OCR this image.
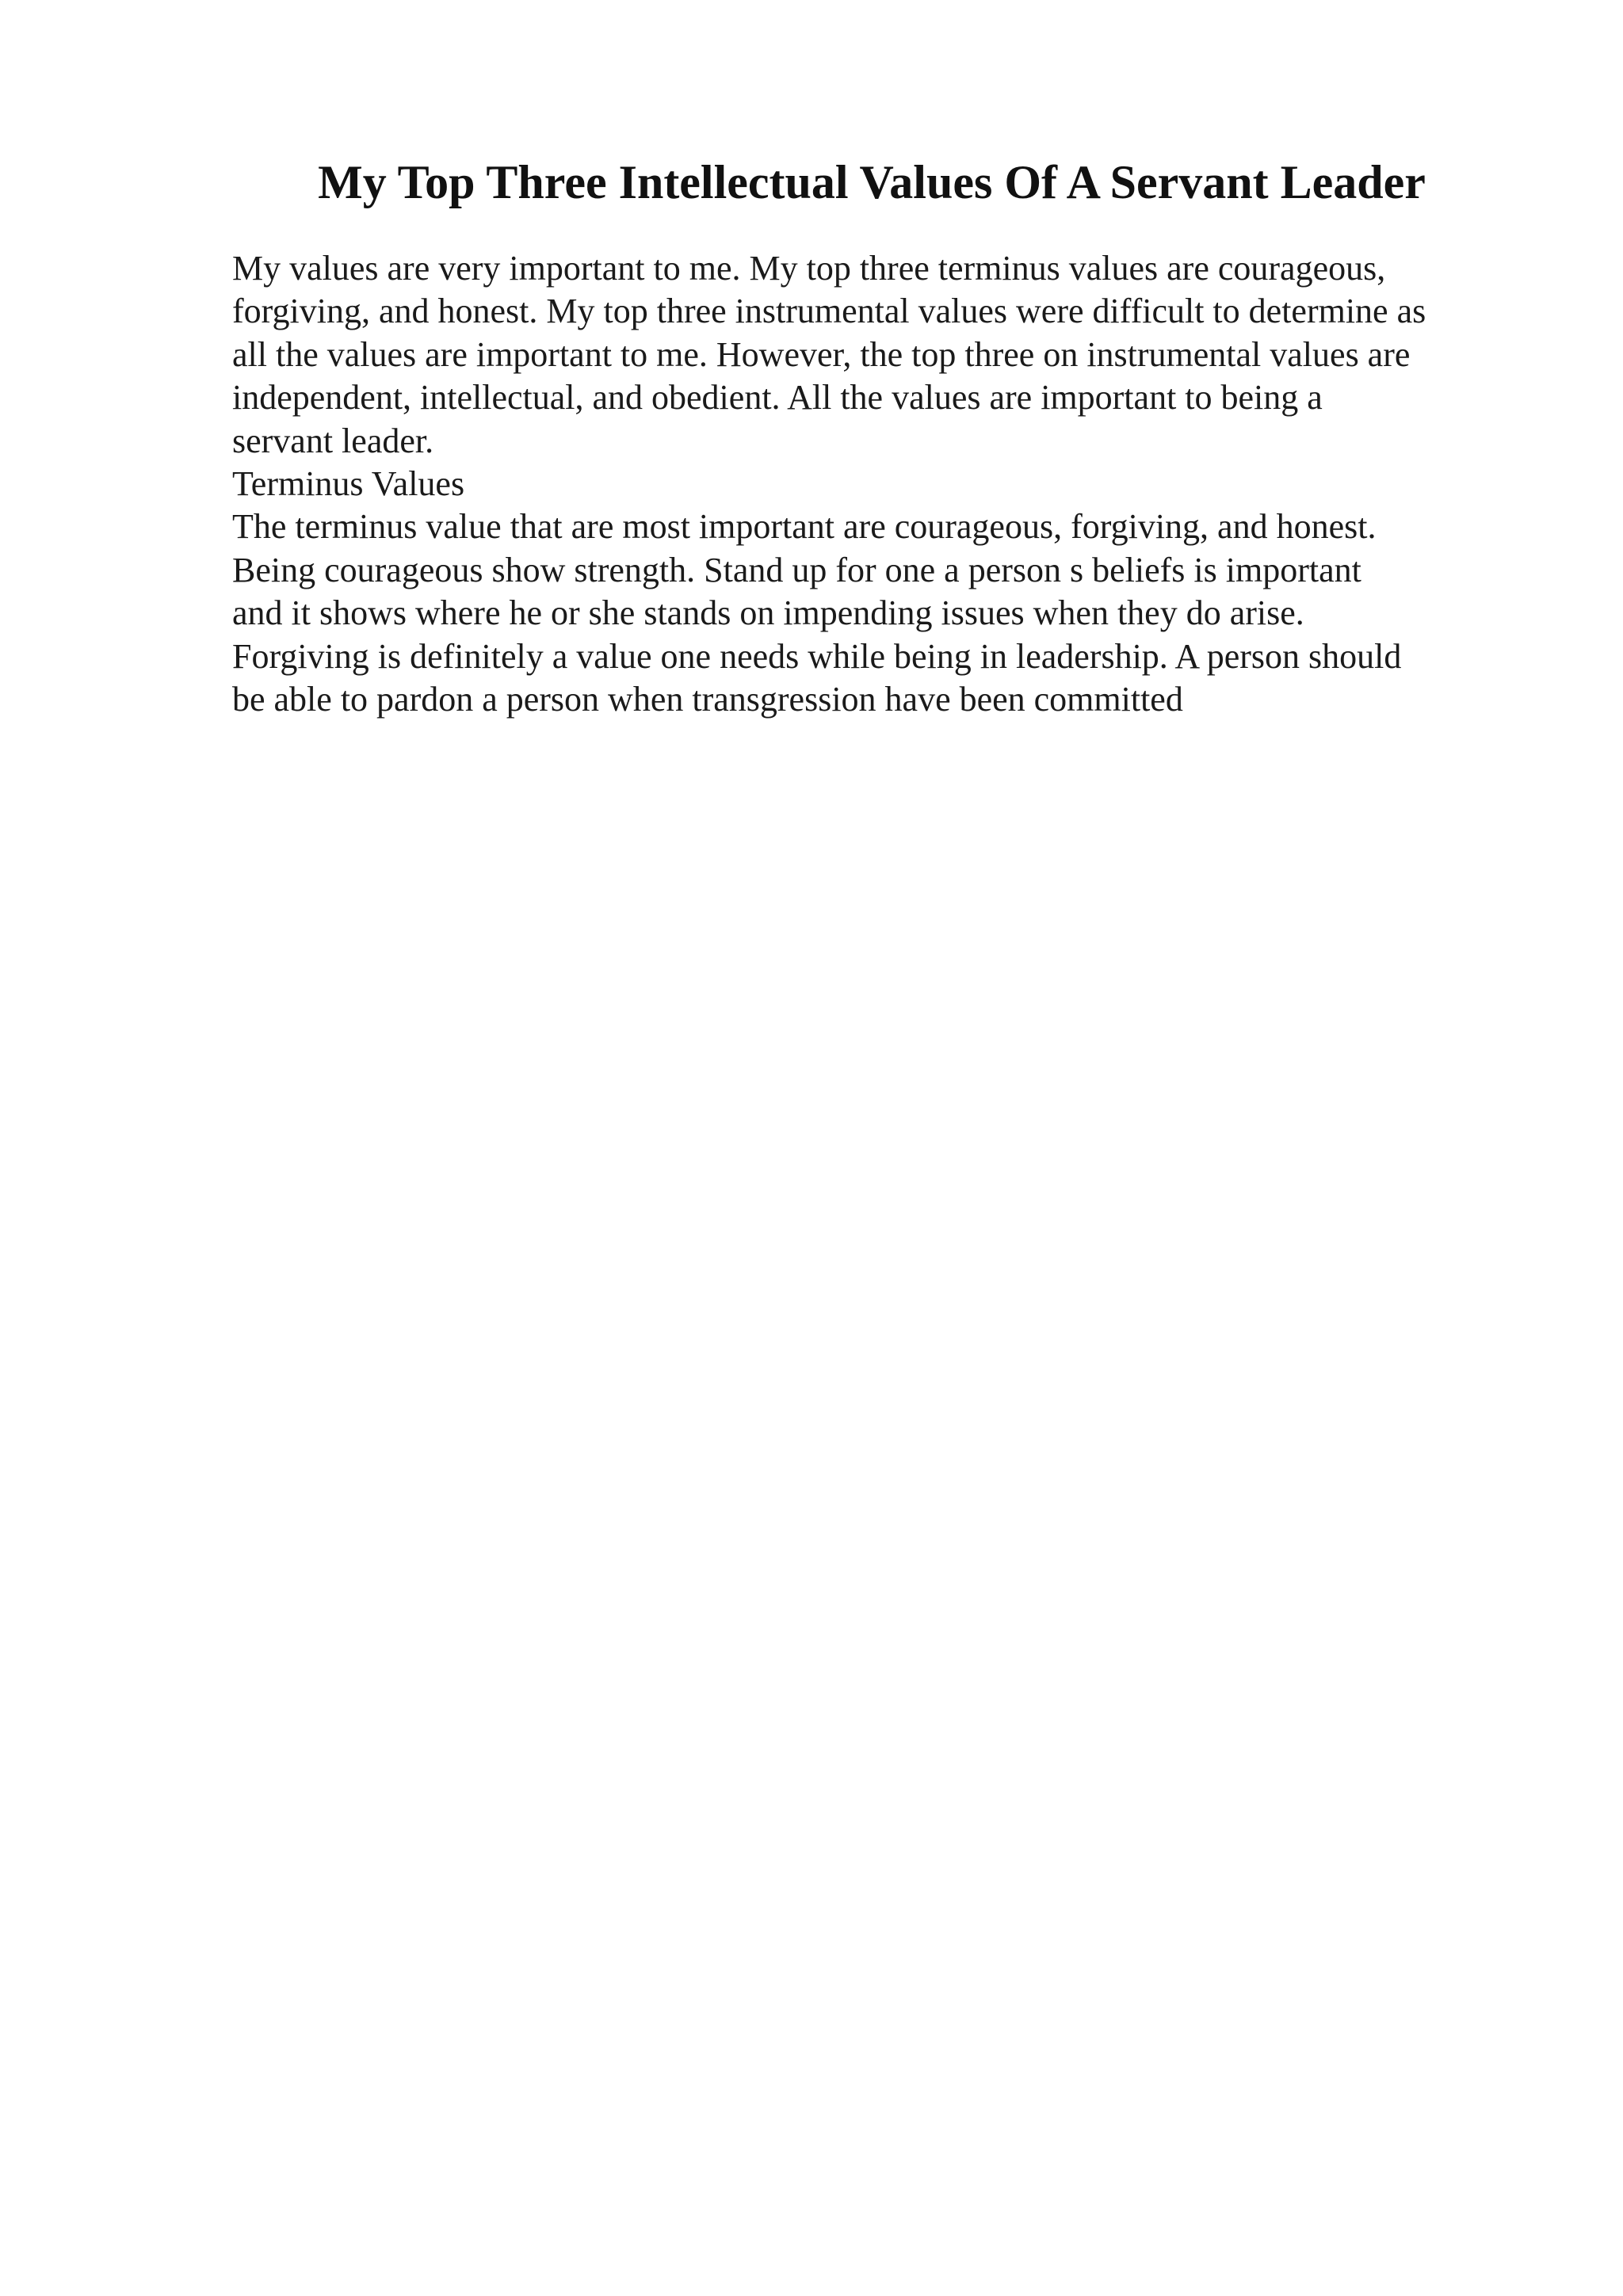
My Top Three Intellectual Values Of A Servant Leader
My values are very important to me. My top three terminus values are courageous,
forgiving, and honest. My top three instrumental values were difficult to determine as
all the values are important to me. However, the top three on instrumental values are
independent, intellectual, and obedient. All the values are important to being a
servant leader.
Terminus Values
The terminus value that are most important are courageous, forgiving, and honest.
Being courageous show strength. Stand up for one a person s beliefs is important
and it shows where he or she stands on impending issues when they do arise.
Forgiving is definitely a value one needs while being in leadership. A person should
be able to pardon a person when transgression have been committed
